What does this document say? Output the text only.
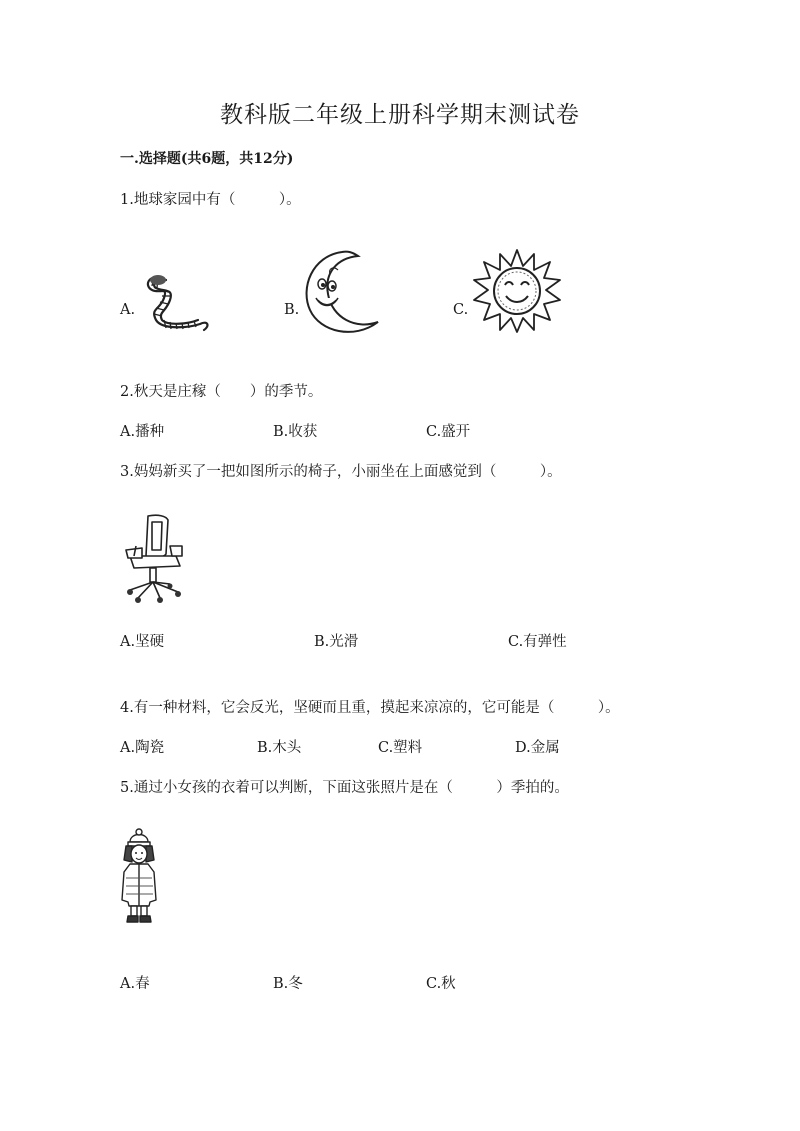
教科版二年级上册科学期末测试卷
一.选择题(共6题，共12分)
1.地球家园中有（　　　）。
A.	B.	C.
2.秋天是庄稼（　　）的季节。
A.播种	B.收获	C.盛开
3.妈妈新买了一把如图所示的椅子，小丽坐在上面感觉到（　　　）。
A.坚硬	B.光滑	C.有弹性
4.有一种材料，它会反光，坚硬而且重，摸起来凉凉的，它可能是（　　　）。
A.陶瓷	B.木头	C.塑料	D.金属
5.通过小女孩的衣着可以判断，下面这张照片是在（　　　）季拍的。
A.春	B.冬	C.秋
